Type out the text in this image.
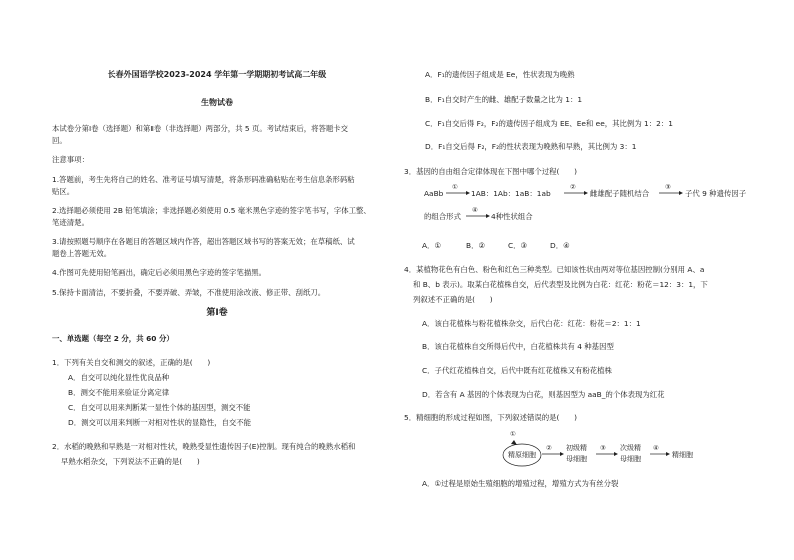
长春外国语学校2023-2024 学年第一学期期初考试高二年级
生物试卷
本试卷分第Ⅰ卷（选择题）和第Ⅱ卷（非选择题）两部分，共 5 页。考试结束后，将答题卡交
回。
注意事项：
1.答题前，考生先将自己的姓名、准考证号填写清楚，将条形码准确粘贴在考生信息条形码粘
贴区。
2.选择题必须使用 2B 铅笔填涂；非选择题必须使用 0.5 毫米黑色字迹的签字笔书写，字体工整、
笔迹清楚。
3.请按照题号顺序在各题目的答题区域内作答，超出答题区域书写的答案无效；在草稿纸、试
题卷上答题无效。
4.作图可先使用铅笔画出，确定后必须用黑色字迹的签字笔描黑。
5.保持卡面清洁，不要折叠，不要弄破、弄皱，不准使用涂改液、修正带、刮纸刀。
第Ⅰ卷
一、单选题（每空 2 分，共 60 分）
1．下列有关自交和测交的叙述，正确的是(　　)
A．自交可以纯化显性优良品种
B．测交不能用来验证分离定律
C．自交可以用来判断某一显性个体的基因型，测交不能
D．测交可以用来判断一对相对性状的显隐性，自交不能
2．水稻的晚熟和早熟是一对相对性状，晚熟受显性遗传因子(E)控制。现有纯合的晚熟水稻和
早熟水稻杂交，下列说法不正确的是(　　)
A．F₁的遗传因子组成是 Ee，性状表现为晚熟
B．F₁自交时产生的雌、雄配子数量之比为 1：1
C．F₁自交后得 F₂，F₂的遗传因子组成为 EE、Ee和 ee，其比例为 1：2：1
D．F₁自交后得 F₂，F₂的性状表现为晚熟和早熟，其比例为 3：1
3．基因的自由组合定律体现在下图中哪个过程(　　)
AaBb
①
1AB：1Ab：1aB：1ab
②
雌雄配子随机结合
③
子代 9 种遗传因子
的组合形式
④
4种性状组合
A．①	B．②	C．③	D．④
4．某植物花色有白色、粉色和红色三种类型。已知该性状由两对等位基因控制(分别用 A、a
和 B、b 表示)。取某白花植株自交，后代表型及比例为白花：红花：粉花＝12：3：1，下
列叙述不正确的是(　　)
A．该白花植株与粉花植株杂交，后代白花：红花：粉花＝2：1：1
B．该白花植株自交所得后代中，白花植株共有 4 种基因型
C．子代红花植株自交，后代中既有红花植株又有粉花植株
D．若含有 A 基因的个体表现为白花，则基因型为 aaB_的个体表现为红花
5．精细胞的形成过程如图，下列叙述错误的是(　　)
①
精原细胞
② 初级精
母细胞
③ 次级精
母细胞
④
精细胞
A．①过程是原始生殖细胞的增殖过程，增殖方式为有丝分裂
